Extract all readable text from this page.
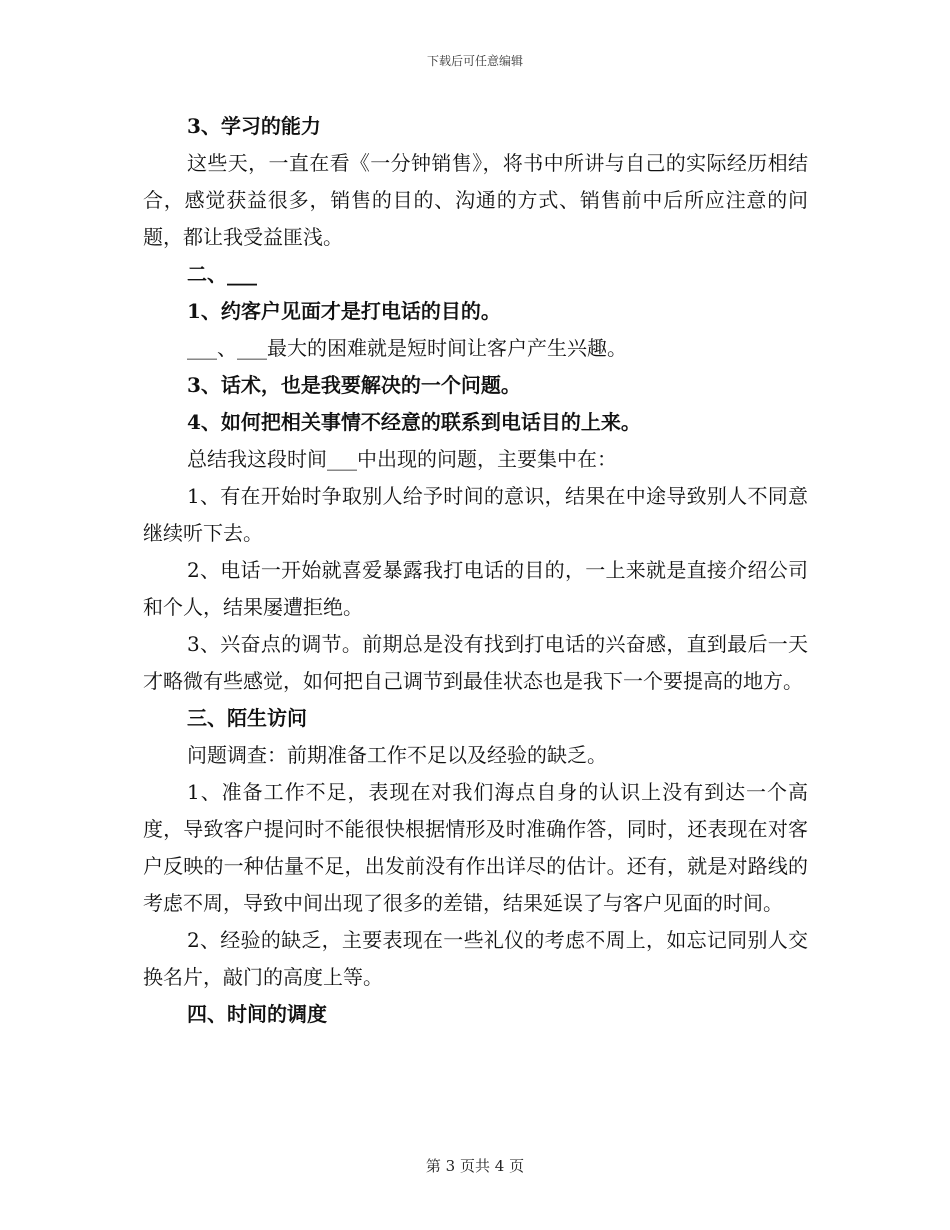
下载后可任意编辑

3、学习的能力

这些天，一直在看《一分钟销售》，将书中所讲与自己的实际经历相结合，感觉获益很多，销售的目的、沟通的方式、销售前中后所应注意的问题，都让我受益匪浅。

二、___

1、约客户见面才是打电话的目的。

___、___最大的困难就是短时间让客户产生兴趣。

3、话术，也是我要解决的一个问题。

4、如何把相关事情不经意的联系到电话目的上来。

总结我这段时间___中出现的问题，主要集中在：

1、有在开始时争取别人给予时间的意识，结果在中途导致别人不同意继续听下去。

2、电话一开始就喜爱暴露我打电话的目的，一上来就是直接介绍公司和个人，结果屡遭拒绝。

3、兴奋点的调节。前期总是没有找到打电话的兴奋感，直到最后一天才略微有些感觉，如何把自己调节到最佳状态也是我下一个要提高的地方。

三、陌生访问

问题调查：前期准备工作不足以及经验的缺乏。

1、准备工作不足，表现在对我们海点自身的认识上没有到达一个高度，导致客户提问时不能很快根据情形及时准确作答，同时，还表现在对客户反映的一种估量不足，出发前没有作出详尽的估计。还有，就是对路线的考虑不周，导致中间出现了很多的差错，结果延误了与客户见面的时间。

2、经验的缺乏，主要表现在一些礼仪的考虑不周上，如忘记同别人交换名片，敲门的高度上等。

四、时间的调度

第 3 页共 4 页
